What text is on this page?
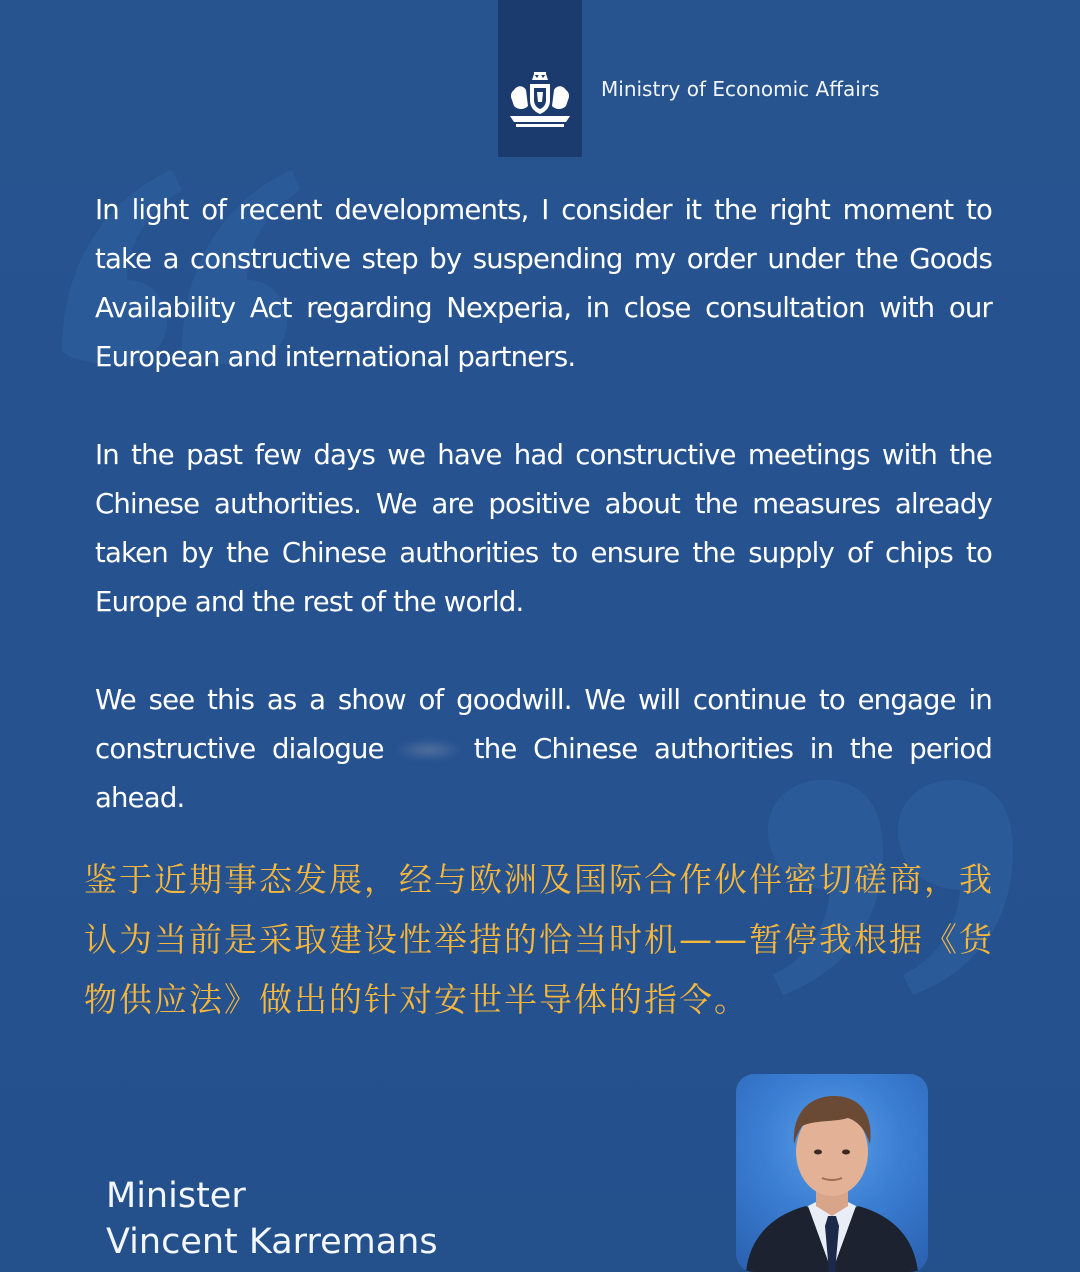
Ministry of Economic Affairs

In light of recent developments, I consider it the right moment to take a constructive step by suspending my order under the Goods Availability Act regarding Nexperia, in close consultation with our European and international partners.

In the past few days we have had constructive meetings with the Chinese authorities. We are positive about the measures already taken by the Chinese authorities to ensure the supply of chips to Europe and the rest of the world.

We see this as a show of goodwill. We will continue to engage in constructive dialogue	the Chinese authorities in the period ahead.

鉴于近期事态发展，经与欧洲及国际合作伙伴密切磋商，我认为当前是采取建设性举措的恰当时机——暂停我根据《货物供应法》做出的针对安世半导体的指令。

Minister
Vincent Karremans
